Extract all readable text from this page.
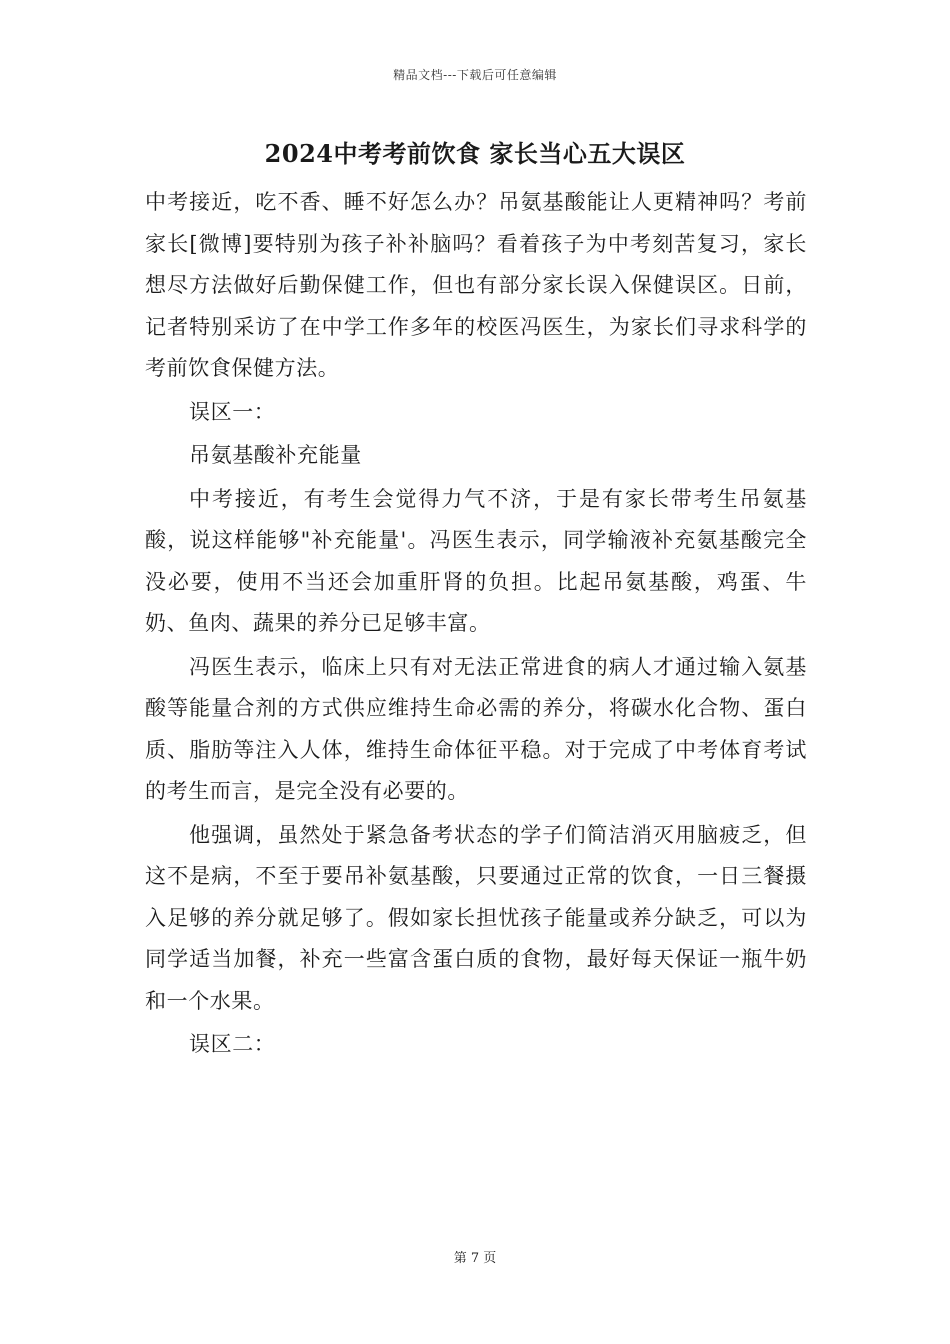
精品文档---下载后可任意编辑
2024中考考前饮食 家长当心五大误区

中考接近，吃不香、睡不好怎么办？吊氨基酸能让人更精神吗？考前家长[微博]要特别为孩子补补脑吗？看着孩子为中考刻苦复习，家长想尽方法做好后勤保健工作，但也有部分家长误入保健误区。日前，记者特别采访了在中学工作多年的校医冯医生，为家长们寻求科学的考前饮食保健方法。

误区一：

吊氨基酸补充能量

中考接近，有考生会觉得力气不济，于是有家长带考生吊氨基酸，说这样能够"补充能量'。冯医生表示，同学输液补充氨基酸完全没必要，使用不当还会加重肝肾的负担。比起吊氨基酸，鸡蛋、牛奶、鱼肉、蔬果的养分已足够丰富。

冯医生表示，临床上只有对无法正常进食的病人才通过输入氨基酸等能量合剂的方式供应维持生命必需的养分，将碳水化合物、蛋白质、脂肪等注入人体，维持生命体征平稳。对于完成了中考体育考试的考生而言，是完全没有必要的。

他强调，虽然处于紧急备考状态的学子们简洁消灭用脑疲乏，但这不是病，不至于要吊补氨基酸，只要通过正常的饮食，一日三餐摄入足够的养分就足够了。假如家长担忧孩子能量或养分缺乏，可以为同学适当加餐，补充一些富含蛋白质的食物，最好每天保证一瓶牛奶和一个水果。

误区二：

第 7 页
